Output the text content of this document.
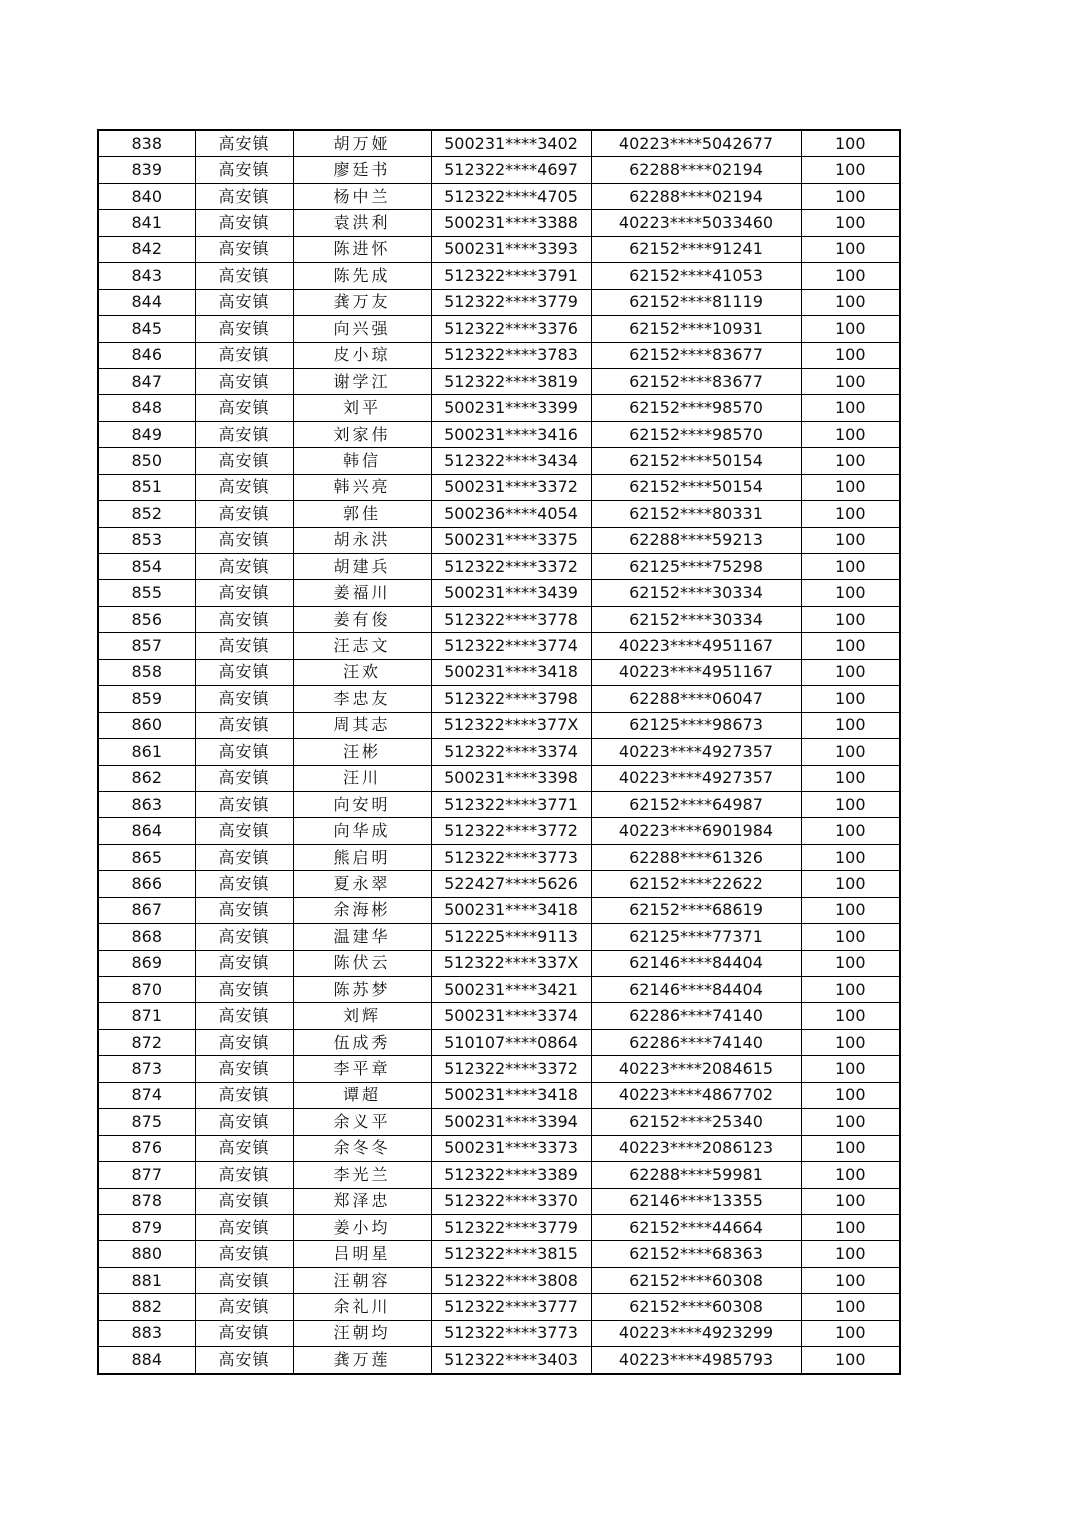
838	高安镇	胡万娅	500231****3402	40223****5042677	100
839	高安镇	廖廷书	512322****4697	62288****02194	100
840	高安镇	杨中兰	512322****4705	62288****02194	100
841	高安镇	袁洪利	500231****3388	40223****5033460	100
842	高安镇	陈进怀	500231****3393	62152****91241	100
843	高安镇	陈先成	512322****3791	62152****41053	100
844	高安镇	龚万友	512322****3779	62152****81119	100
845	高安镇	向兴强	512322****3376	62152****10931	100
846	高安镇	皮小琼	512322****3783	62152****83677	100
847	高安镇	谢学江	512322****3819	62152****83677	100
848	高安镇	刘平	500231****3399	62152****98570	100
849	高安镇	刘家伟	500231****3416	62152****98570	100
850	高安镇	韩信	512322****3434	62152****50154	100
851	高安镇	韩兴亮	500231****3372	62152****50154	100
852	高安镇	郭佳	500236****4054	62152****80331	100
853	高安镇	胡永洪	500231****3375	62288****59213	100
854	高安镇	胡建兵	512322****3372	62125****75298	100
855	高安镇	姜福川	500231****3439	62152****30334	100
856	高安镇	姜有俊	512322****3778	62152****30334	100
857	高安镇	汪志文	512322****3774	40223****4951167	100
858	高安镇	汪欢	500231****3418	40223****4951167	100
859	高安镇	李忠友	512322****3798	62288****06047	100
860	高安镇	周其志	512322****377X	62125****98673	100
861	高安镇	汪彬	512322****3374	40223****4927357	100
862	高安镇	汪川	500231****3398	40223****4927357	100
863	高安镇	向安明	512322****3771	62152****64987	100
864	高安镇	向华成	512322****3772	40223****6901984	100
865	高安镇	熊启明	512322****3773	62288****61326	100
866	高安镇	夏永翠	522427****5626	62152****22622	100
867	高安镇	余海彬	500231****3418	62152****68619	100
868	高安镇	温建华	512225****9113	62125****77371	100
869	高安镇	陈伏云	512322****337X	62146****84404	100
870	高安镇	陈苏梦	500231****3421	62146****84404	100
871	高安镇	刘辉	500231****3374	62286****74140	100
872	高安镇	伍成秀	510107****0864	62286****74140	100
873	高安镇	李平章	512322****3372	40223****2084615	100
874	高安镇	谭超	500231****3418	40223****4867702	100
875	高安镇	余义平	500231****3394	62152****25340	100
876	高安镇	余冬冬	500231****3373	40223****2086123	100
877	高安镇	李光兰	512322****3389	62288****59981	100
878	高安镇	郑泽忠	512322****3370	62146****13355	100
879	高安镇	姜小均	512322****3779	62152****44664	100
880	高安镇	吕明星	512322****3815	62152****68363	100
881	高安镇	汪朝容	512322****3808	62152****60308	100
882	高安镇	余礼川	512322****3777	62152****60308	100
883	高安镇	汪朝均	512322****3773	40223****4923299	100
884	高安镇	龚万莲	512322****3403	40223****4985793	100
